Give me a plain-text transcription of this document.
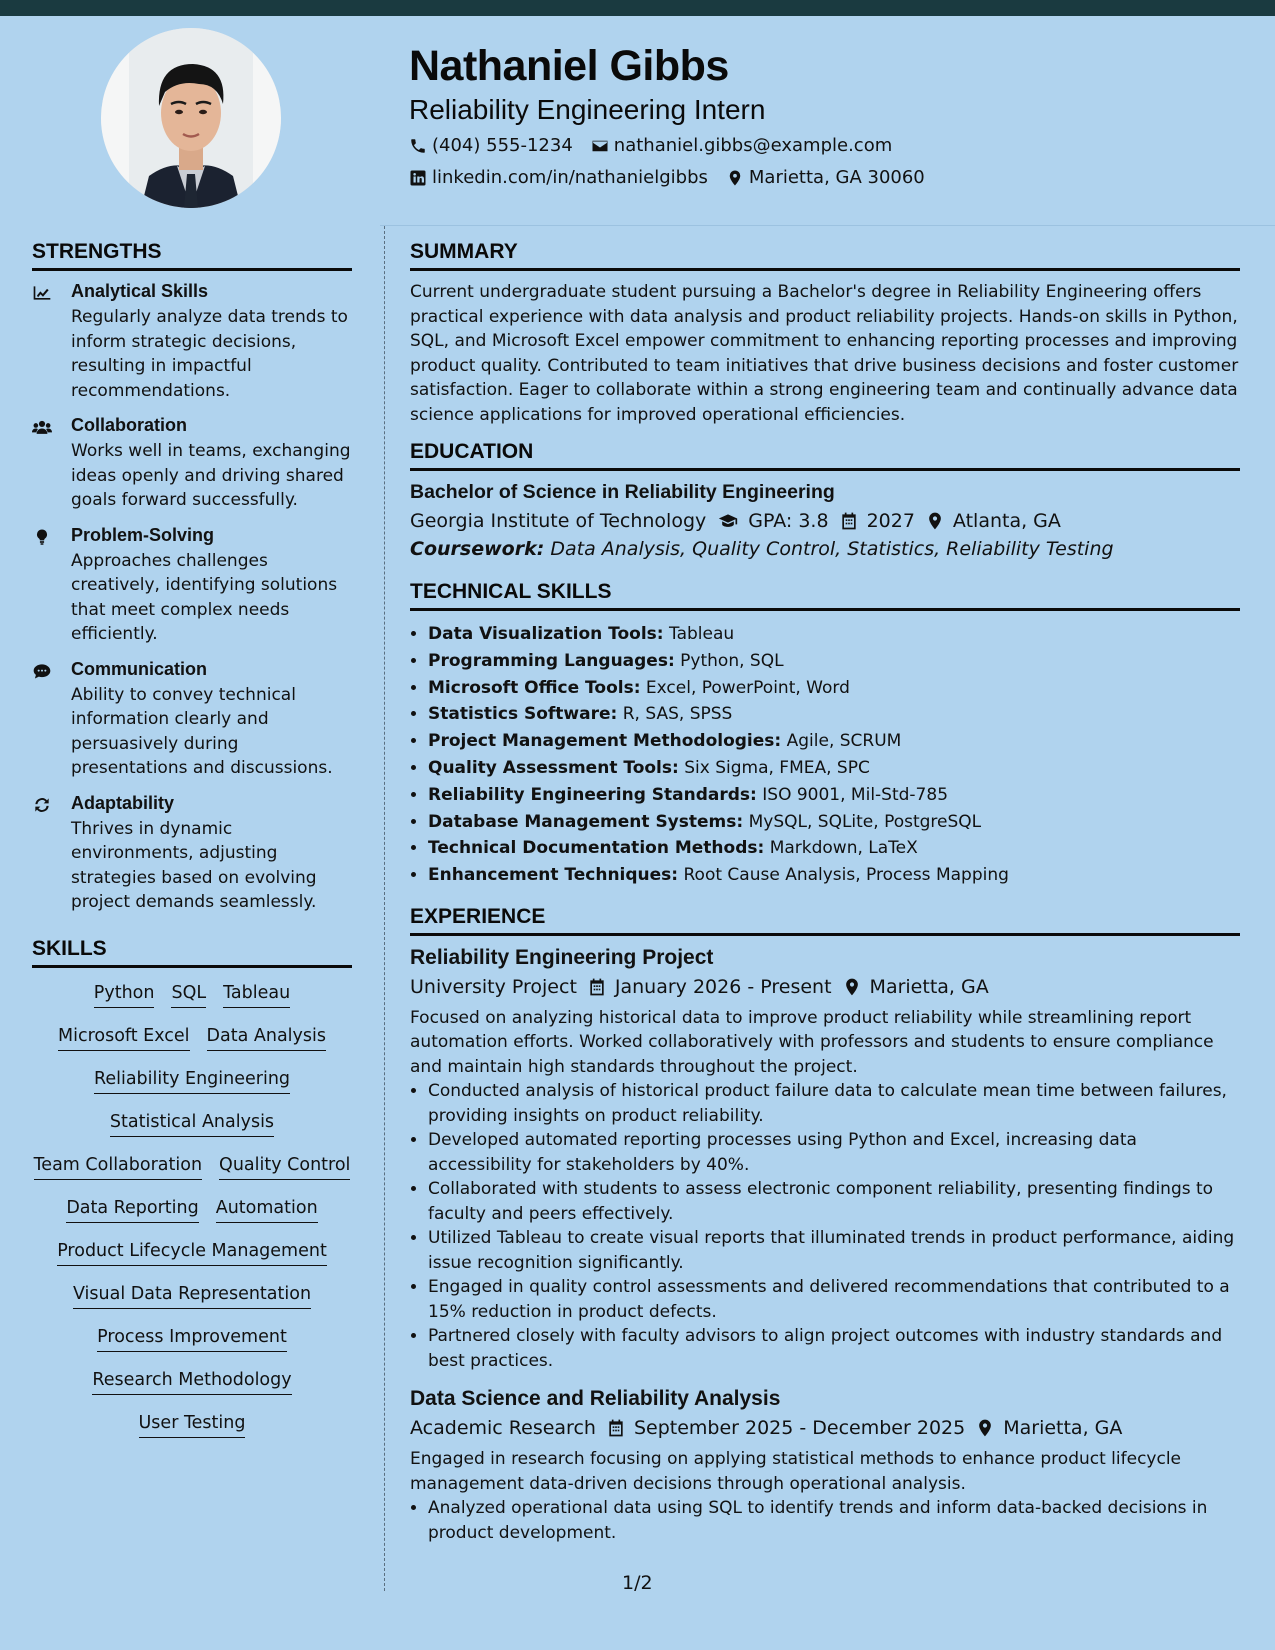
Nathaniel Gibbs
Reliability Engineering Intern
(404) 555-1234 nathaniel.gibbs@example.com
linkedin.com/in/nathanielgibbs Marietta, GA 30060
STRENGTHS
Analytical Skills
Regularly analyze data trends to inform strategic decisions, resulting in impactful recommendations.
Collaboration
Works well in teams, exchanging ideas openly and driving shared goals forward successfully.
Problem-Solving
Approaches challenges creatively, identifying solutions that meet complex needs efficiently.
Communication
Ability to convey technical information clearly and persuasively during presentations and discussions.
Adaptability
Thrives in dynamic environments, adjusting strategies based on evolving project demands seamlessly.
SKILLS
Python SQL Tableau
Microsoft Excel Data Analysis
Reliability Engineering
Statistical Analysis
Team Collaboration Quality Control
Data Reporting Automation
Product Lifecycle Management
Visual Data Representation
Process Improvement
Research Methodology
User Testing
SUMMARY
Current undergraduate student pursuing a Bachelor's degree in Reliability Engineering offers practical experience with data analysis and product reliability projects. Hands-on skills in Python, SQL, and Microsoft Excel empower commitment to enhancing reporting processes and improving product quality. Contributed to team initiatives that drive business decisions and foster customer satisfaction. Eager to collaborate within a strong engineering team and continually advance data science applications for improved operational efficiencies.
EDUCATION
Bachelor of Science in Reliability Engineering
Georgia Institute of Technology GPA: 3.8 2027 Atlanta, GA
Coursework: Data Analysis, Quality Control, Statistics, Reliability Testing
TECHNICAL SKILLS
• Data Visualization Tools: Tableau
• Programming Languages: Python, SQL
• Microsoft Office Tools: Excel, PowerPoint, Word
• Statistics Software: R, SAS, SPSS
• Project Management Methodologies: Agile, SCRUM
• Quality Assessment Tools: Six Sigma, FMEA, SPC
• Reliability Engineering Standards: ISO 9001, Mil-Std-785
• Database Management Systems: MySQL, SQLite, PostgreSQL
• Technical Documentation Methods: Markdown, LaTeX
• Enhancement Techniques: Root Cause Analysis, Process Mapping
EXPERIENCE
Reliability Engineering Project
University Project January 2026 - Present Marietta, GA
Focused on analyzing historical data to improve product reliability while streamlining report automation efforts. Worked collaboratively with professors and students to ensure compliance and maintain high standards throughout the project.
• Conducted analysis of historical product failure data to calculate mean time between failures, providing insights on product reliability.
• Developed automated reporting processes using Python and Excel, increasing data accessibility for stakeholders by 40%.
• Collaborated with students to assess electronic component reliability, presenting findings to faculty and peers effectively.
• Utilized Tableau to create visual reports that illuminated trends in product performance, aiding issue recognition significantly.
• Engaged in quality control assessments and delivered recommendations that contributed to a 15% reduction in product defects.
• Partnered closely with faculty advisors to align project outcomes with industry standards and best practices.
Data Science and Reliability Analysis
Academic Research September 2025 - December 2025 Marietta, GA
Engaged in research focusing on applying statistical methods to enhance product lifecycle management data-driven decisions through operational analysis.
• Analyzed operational data using SQL to identify trends and inform data-backed decisions in product development.
1/2
